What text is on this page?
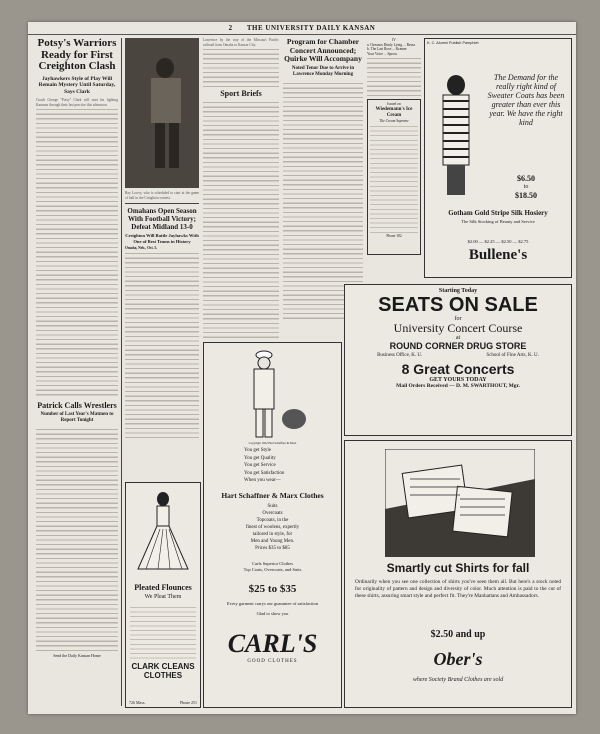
2 THE UNIVERSITY DAILY KANSAN
Potsy's Warriors Ready for First Creighton Clash
Jayhawkers Style of Play Will Remain Mystery Until Saturday, Says Clark
Coach George "Potsy" Clark will start his fighting Kansans through their last practice this afternoon.
Patrick Calls Wrestlers
Number of Last Year's Matmen to Report Tonight
Send the Daily Kansan Home
Ray Lowry, who is scheduled to start at the game of half in the Creighton contest.
Omahans Open Season With Football Victory; Defeat Midland 13-0
Creighton Will Battle Jayhawks With One of Best Teams in History
Omaha, Neb., Oct. 5.
Lawrence by the way of the Missouri Pacific railroad from Omaha to Kansas City.
Sport Briefs
Program for Chamber Concert Announced; Quirke Will Accompany
Noted Tenor Due to Arrive in Lawrence Monday Morning
IV
a. Ozeanos Dimly Lying ... Reuss
b. The Last Rose ... Kramer
Your Voice ... Spross
Issued on
Wiedemann's Ice Cream
The Cream Supreme
Phone 182
K. C. Alumni Publish Pamphlet
The Demand for the really right kind of Sweater Coats has been greater than ever this year. We have the right kind
$6.50
to
$18.50
Gotham Gold Stripe Silk Hosiery
The Silk Stocking of Beauty and Service
$2.00 — $2.25 — $2.50 — $2.75
Bullene's
Starting Today
SEATS ON SALE
for
University Concert Course
at
ROUND CORNER DRUG STORE
Business Office, K. U.	School of Fine Arts, K. U.
8 Great Concerts
GET YOURS TODAY
Mail Orders Received — D. M. SWARTHOUT, Mgr.
Smartly cut Shirts for fall
Ordinarily when you see one collection of shirts you've seen them all. But here's a stock noted for originality of pattern and design and diversity of color. Much attention is paid to the cut of these shirts, assuring smart style and perfect fit. They're Manhattans and Ambassadors.
$2.50 and up
Ober's
where Society Brand Clothes are sold
Copyright 1922 Hart Schaffner & Marx
You get Style
You get Quality
You get Service
You get Satisfaction
When you wear—
Hart Schaffner & Marx Clothes
Suits
Overcoats
Topcoats, in the
finest of woolens, expertly
tailored in style, for
Men and Young Men.
Prices $35 to $85
Carls Superior Clothes
Top Coats, Overcoats, and Suits
$25 to $35
Every garment carrys our guarantee of satisfaction
Glad to show you
CARL'S
GOOD CLOTHES
Pleated Flounces
We Pleat Them
CLARK CLEANS CLOTHES
726 Mass.	Phone 251
